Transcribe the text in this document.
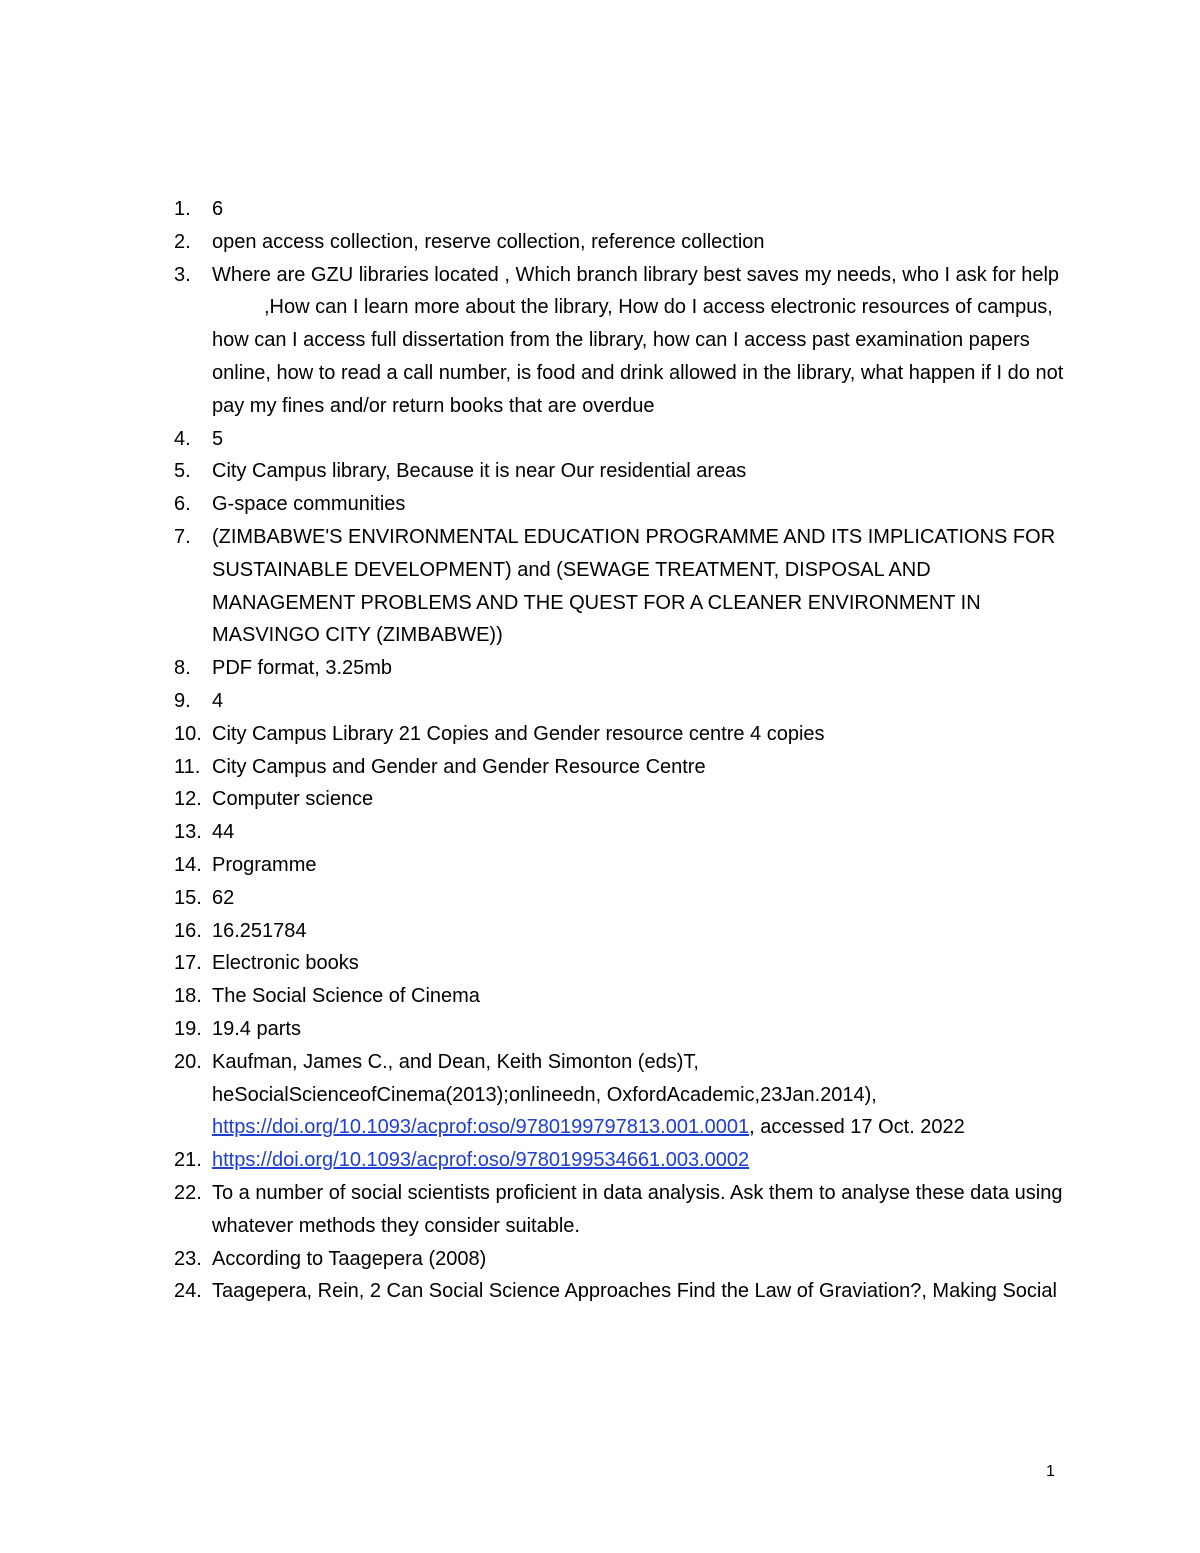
1.	6
2.	open access collection, reserve collection, reference collection
3.	Where are GZU libraries located , Which branch library best saves my needs, who I ask for help,How can I learn more about the library, How do I access electronic resources of campus, how can I access full dissertation from the library, how can I access past examination papers online, how to read a call number, is food and drink allowed in the library, what happen if I do not pay my fines and/or return books that are overdue
4.	5
5.	City Campus library, Because it is near Our residential areas
6.	G-space communities
7.	(ZIMBABWE'S ENVIRONMENTAL EDUCATION PROGRAMME AND ITS IMPLICATIONS FOR SUSTAINABLE DEVELOPMENT) and (SEWAGE TREATMENT, DISPOSAL AND MANAGEMENT PROBLEMS AND THE QUEST FOR A CLEANER ENVIRONMENT IN MASVINGO CITY (ZIMBABWE))
8.	PDF format, 3.25mb
9.	4
10. City Campus Library 21 Copies and Gender resource centre 4 copies
11. City Campus and Gender and Gender Resource Centre
12. Computer science
13. 44
14. Programme
15. 62
16. 16.251784
17. Electronic books
18. The Social Science of Cinema
19. 19.4 parts
20. Kaufman, James C., and Dean, Keith Simonton (eds)T,
heSocialScienceofCinema(2013);onlineedn, OxfordAcademic,23Jan.2014),
https://doi.org/10.1093/acprof:oso/9780199797813.001.0001, accessed 17 Oct. 2022
21. https://doi.org/10.1093/acprof:oso/9780199534661.003.0002
22. To a number of social scientists proficient in data analysis. Ask them to analyse these data using whatever methods they consider suitable.
23. According to Taagepera (2008)
24. Taagepera, Rein, 2 Can Social Science Approaches Find the Law of Graviation?, Making Social
1
